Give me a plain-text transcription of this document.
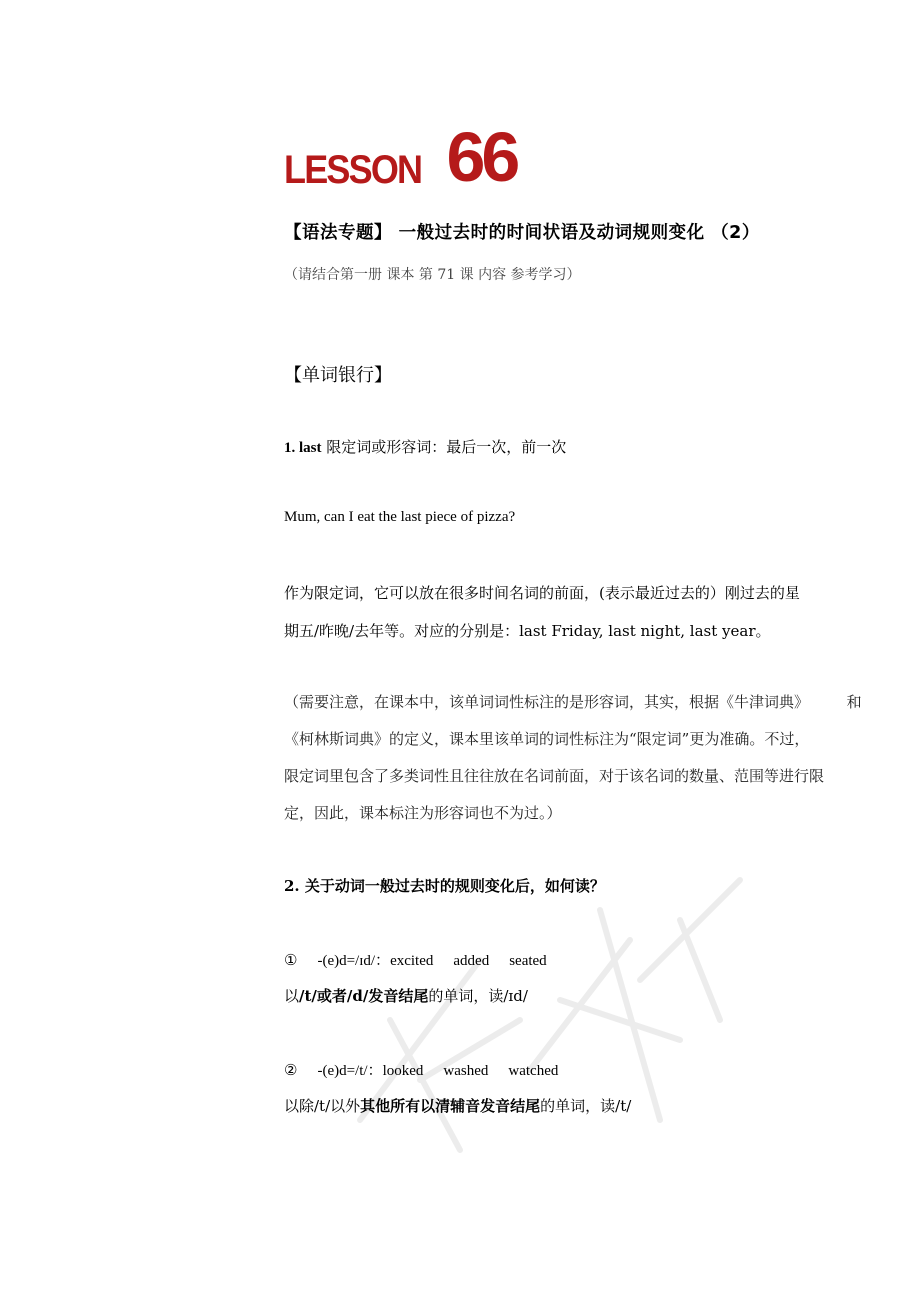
LESSON 66
【语法专题】 一般过去时的时间状语及动词规则变化 （2）
（请结合第一册 课本 第 71 课 内容 参考学习）
【单词银行】
1. last 限定词或形容词：最后一次，前一次
Mum, can I eat the last piece of pizza?
作为限定词，它可以放在很多时间名词的前面，(表示最近过去的）刚过去的星
期五/昨晚/去年等。对应的分别是：last Friday, last night, last year。
（需要注意，在课本中，该单词词性标注的是形容词，其实，根据《牛津词典》	和
《柯林斯词典》的定义，课本里该单词的词性标注为“限定词”更为准确。不过，
限定词里包含了多类词性且往往放在名词前面，对于该名词的数量、范围等进行限
定，因此，课本标注为形容词也不为过。）
2. 关于动词一般过去时的规则变化后，如何读？
① -(e)d=/ɪd/：excited added seated
以/t/或者/d/发音结尾的单词，读/ɪd/
② -(e)d=/t/：looked washed watched
以除/t/以外其他所有以清辅音发音结尾的单词，读/t/
